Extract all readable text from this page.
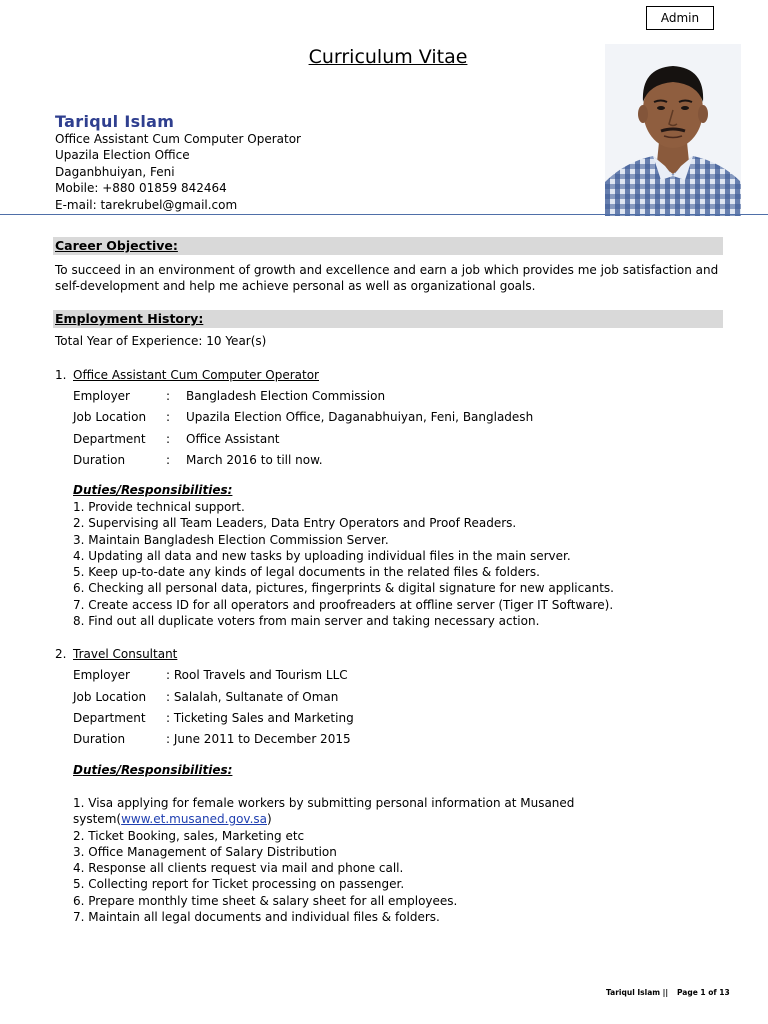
Admin
Curriculum Vitae
Tariqul Islam
Office Assistant Cum Computer Operator
Upazila Election Office
Daganbhuiyan, Feni
Mobile: +880 01859 842464
E-mail: tarekrubel@gmail.com
Career Objective:
To succeed in an environment of growth and excellence and earn a job which provides me job satisfaction and self-development and help me achieve personal as well as organizational goals.
Employment History:
Total Year of Experience: 10 Year(s)
1. Office Assistant Cum Computer Operator
Employer	: Bangladesh Election Commission
Job Location : Upazila Election Office, Daganabhuiyan, Feni, Bangladesh
Department : Office Assistant
Duration	: March 2016 to till now.
Duties/Responsibilities:
1. Provide technical support.
2. Supervising all Team Leaders, Data Entry Operators and Proof Readers.
3. Maintain Bangladesh Election Commission Server.
4. Updating all data and new tasks by uploading individual files in the main server.
5. Keep up-to-date any kinds of legal documents in the related files & folders.
6. Checking all personal data, pictures, fingerprints & digital signature for new applicants.
7. Create access ID for all operators and proofreaders at offline server (Tiger IT Software).
8. Find out all duplicate voters from main server and taking necessary action.
2. Travel Consultant
Employer	: Rool Travels and Tourism LLC
Job Location : Salalah, Sultanate of Oman
Department : Ticketing Sales and Marketing
Duration	: June 2011 to December 2015
Duties/Responsibilities:
1. Visa applying for female workers by submitting personal information at Musaned
system(www.et.musaned.gov.sa)
2. Ticket Booking, sales, Marketing etc
3. Office Management of Salary Distribution
4. Response all clients request via mail and phone call.
5. Collecting report for Ticket processing on passenger.
6. Prepare monthly time sheet & salary sheet for all employees.
7. Maintain all legal documents and individual files & folders.
Tariqul Islam || Page 1 of 13
